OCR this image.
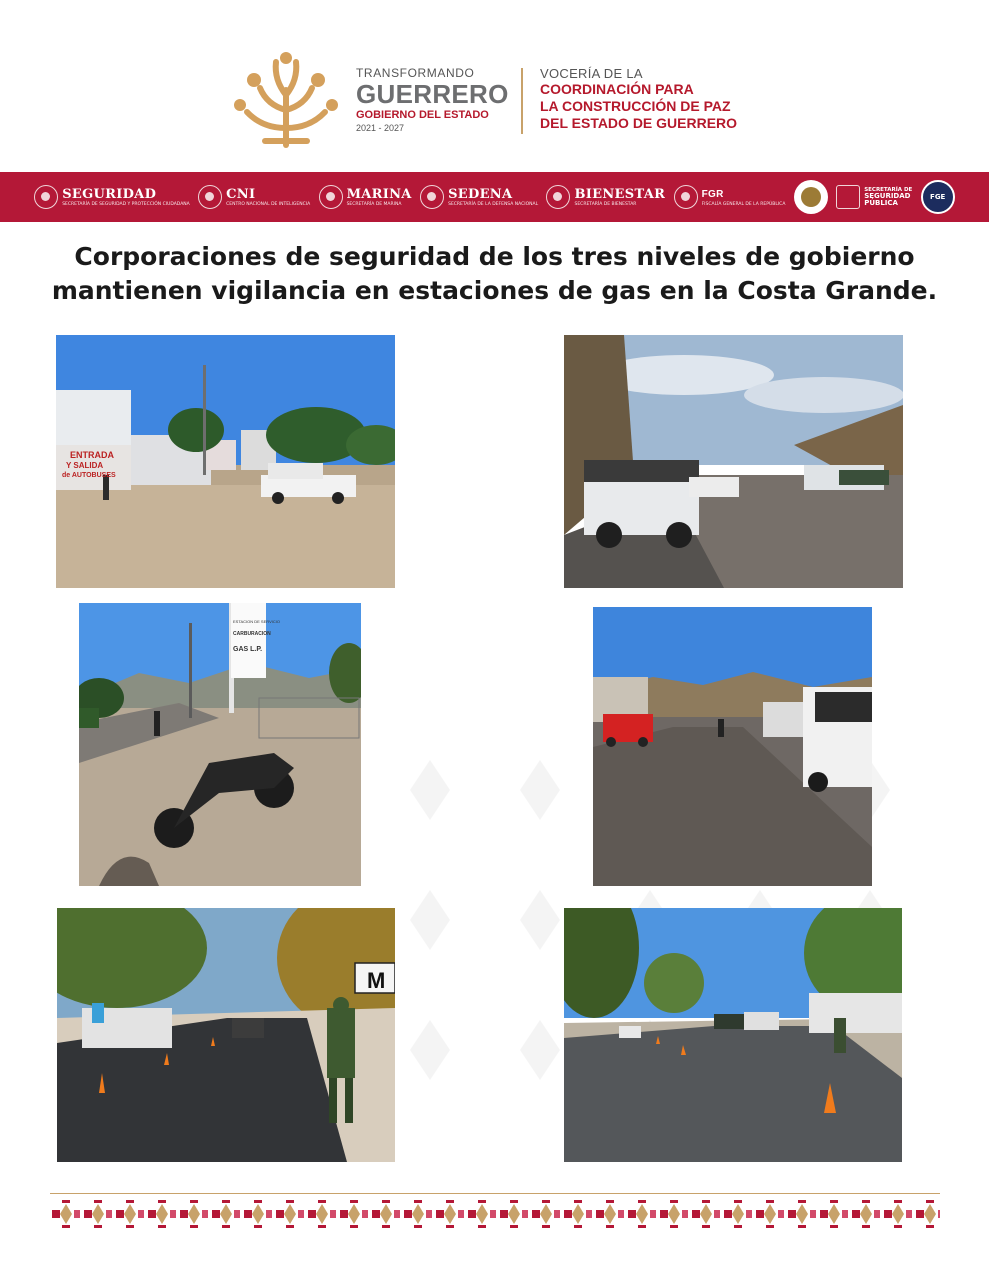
TRANSFORMANDO
GUERRERO
GOBIERNO DEL ESTADO
2021 - 2027
VOCERÍA DE LA
COORDINACIÓN PARA
LA CONSTRUCCIÓN DE PAZ
DEL ESTADO DE GUERRERO
SEGURIDAD
SECRETARÍA DE SEGURIDAD Y PROTECCIÓN CIUDADANA
CNI
CENTRO NACIONAL DE INTELIGENCIA
MARINA
SECRETARÍA DE MARINA
SEDENA
SECRETARÍA DE LA DEFENSA NACIONAL
BIENESTAR
SECRETARÍA DE BIENESTAR
FGR
FISCALÍA GENERAL DE LA REPÚBLICA
SECRETARÍA DE
SEGURIDAD
PÚBLICA
FGE
Corporaciones de seguridad de los tres niveles de gobierno
mantienen vigilancia en estaciones de gas en la Costa Grande.
ENTRADA
Y SALIDA
de AUTOBUSES
ESTACION DE SERVICIO
CARBURACION
GAS L.P.
M
